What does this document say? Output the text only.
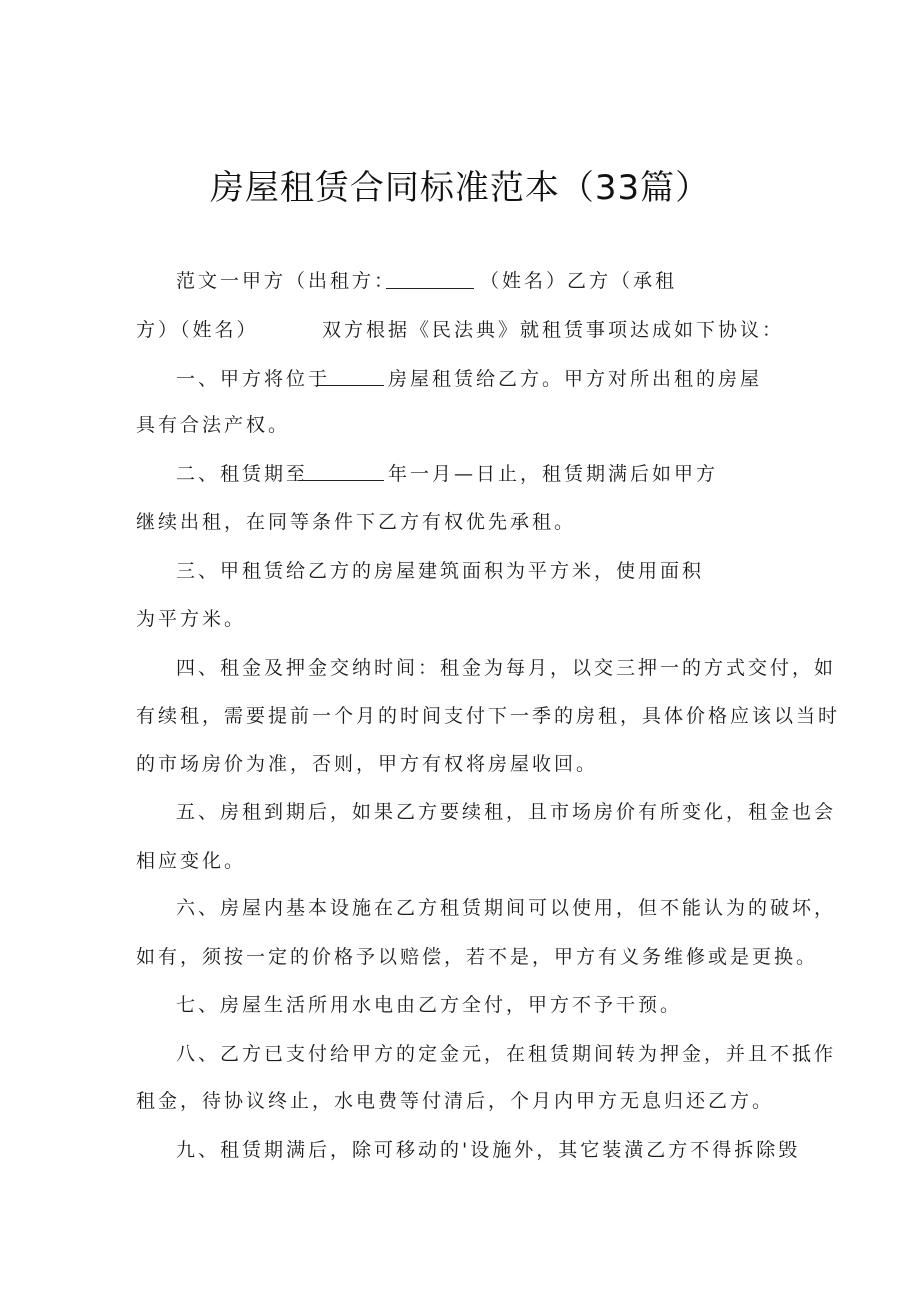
房屋租赁合同标准范本（33篇）
范文一甲方（出租方：	（姓名）
乙方（承租
方）（姓名）	双方根据《民法典》就租赁事项达成如下协议：
一、甲方将位于	房屋租赁给乙方。甲方对所出租的房屋
具有合法产权。
二、租赁期至	年一月—日止，租赁期满后如甲方
继续出租，在同等条件下乙方有权优先承租。
三、甲租赁给乙方的房屋建筑面积为平方米，使用面积
为平方米。
四、租金及押金交纳时间：租金为每月，以交三押一的方式交付，如
有续租，需要提前一个月的时间支付下一季的房租，具体价格应该以当时
的市场房价为准，否则，甲方有权将房屋收回。
五、房租到期后，如果乙方要续租，且市场房价有所变化，租金也会
相应变化。
六、房屋内基本设施在乙方租赁期间可以使用，但不能认为的破坏，
如有，须按一定的价格予以赔偿，若不是，甲方有义务维修或是更换。
七、房屋生活所用水电由乙方全付，甲方不予干预。
八、乙方已支付给甲方的定金元，在租赁期间转为押金，并且不抵作
租金，待协议终止，水电费等付清后，个月内甲方无息归还乙方。
九、租赁期满后，除可移动的'设施外，其它装潢乙方不得拆除毁
